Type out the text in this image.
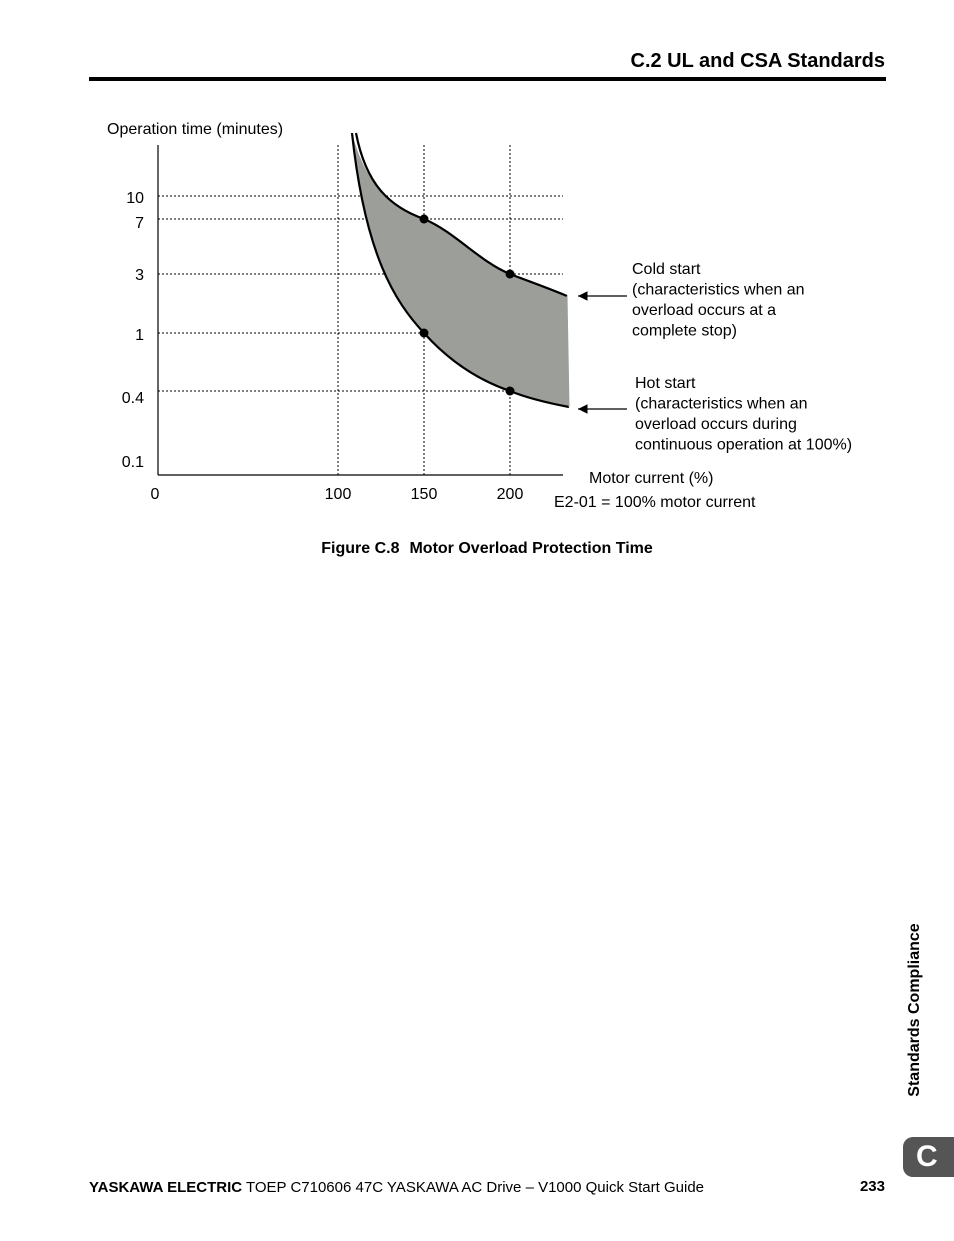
C.2 UL and CSA Standards
10
7
3
1
0.4
0.1
0	100	150	200
Operation time (minutes)
Motor current (%)
E2-01 = 100% motor current
Cold start
(characteristics when an
overload occurs at a
complete stop)
Hot start
(characteristics when an
overload occurs during
continuous operation at 100%)
Figure C.8 Motor Overload Protection Time
Standards Compliance
C
YASKAWA ELECTRIC TOEP C710606 47C YASKAWA AC Drive – V1000 Quick Start Guide	233
